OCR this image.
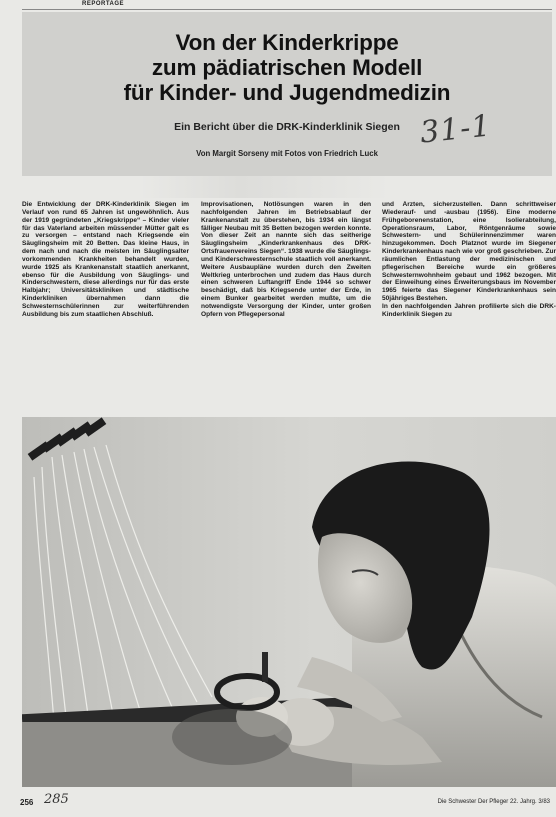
REPORTAGE
Von der Kinderkrippe
zum pädiatrischen Modell
für Kinder- und Jugendmedizin
Ein Bericht über die DRK-Kinderklinik Siegen
Von Margit Sorseny mit Fotos von Friedrich Luck
31-1
Die Entwicklung der DRK-Kinderklinik Siegen im Verlauf von rund 65 Jahren ist ungewöhnlich. Aus der 1919 gegründeten „Kriegskrippe“ – Kinder vieler für das Vaterland arbeiten müssender Mütter galt es zu versorgen – entstand nach Kriegsende ein Säuglingsheim mit 20 Betten. Das kleine Haus, in dem nach und nach die meisten im Säuglingsalter vorkommenden Krankheiten behandelt wurden, wurde 1925 als Krankenanstalt staatlich anerkannt, ebenso für die Ausbildung von Säuglings- und Kinderschwestern, diese allerdings nur für das erste Halbjahr; Universitätskliniken und städtische Kinderkliniken übernahmen dann die Schwesternschülerinnen zur weiterführenden Ausbildung bis zum staatlichen Abschluß.
Improvisationen, Notlösungen waren in den nachfolgenden Jahren im Betriebsablauf der Krankenanstalt zu überstehen, bis 1934 ein längst fälliger Neubau mit 35 Betten bezogen werden konnte. Von dieser Zeit an nannte sich das seitherige Säuglingsheim „Kinderkrankenhaus des DRK-Ortsfrauenvereins Siegen“. 1938 wurde die Säuglings- und Kinderschwesternschule staatlich voll anerkannt. Weitere Ausbaupläne wurden durch den Zweiten Weltkrieg unterbrochen und zudem das Haus durch einen schweren Luftangriff Ende 1944 so schwer beschädigt, daß bis Kriegsende unter der Erde, in einem Bunker gearbeitet werden mußte, um die notwendigste Versorgung der Kinder, unter großen Opfern von Pflegepersonal
und Ärzten, sicherzustellen. Dann schrittweiser Wiederauf- und -ausbau (1956). Eine moderne Frühgeborenenstation, eine Isolierabteilung, Operationsraum, Labor, Röntgenräume sowie Schwestern- und Schülerinnenzimmer waren hinzugekommen. Doch Platznot wurde im Siegener Kinderkrankenhaus nach wie vor groß geschrieben. Zur räumlichen Entlastung der medizinischen und pflegerischen Bereiche wurde ein größeres Schwesternwohnheim gebaut und 1962 bezogen. Mit der Einweihung eines Erweiterungsbaus im November 1965 feierte das Siegener Kinderkrankenhaus sein 50jähriges Bestehen.
In den nachfolgenden Jahren profilierte sich die DRK-Kinderklinik Siegen zu
256 285	Die Schwester Der Pfleger 22. Jahrg. 3/83
